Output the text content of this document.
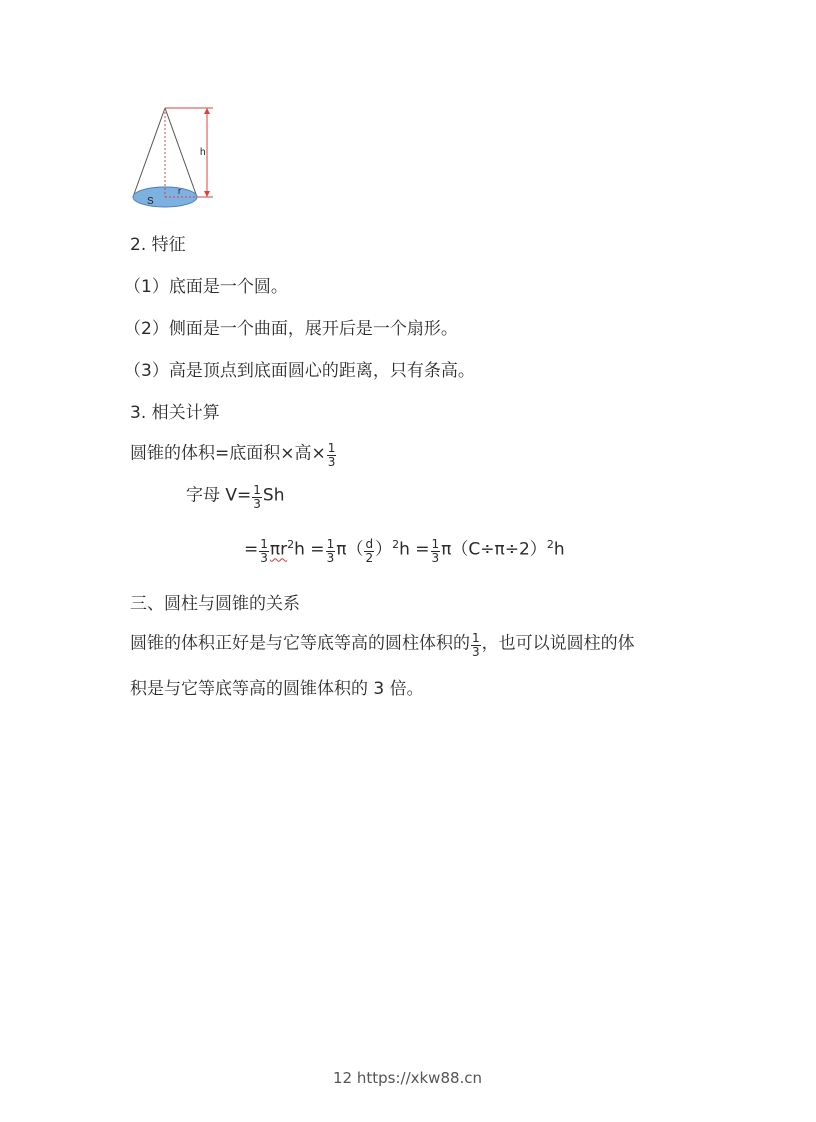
h
r
S
2. 特征
（1）底面是一个圆。
（2）侧面是一个曲面，展开后是一个扇形。
（3）高是顶点到底面圆心的距离，只有条高。
3. 相关计算
圆锥的体积=底面积×高× $\frac{1}{3}$
字母 $V= \frac{1}{3}$ Sh
= $\frac{1}{3} \pi r^2h = \frac{1}{3} \pi( \frac{d}{2} )^2h = \frac{1}{3} \pi(C\div\pi\div 2)^2h$
三、圆柱与圆锥的关系
圆锥的体积正好是与它等底等高的圆柱体积的 $\frac{1}{3}$ ，也可以说圆柱的体
积是与它等底等高的圆锥体积的 3 倍。
12 https://xkw88.cn
